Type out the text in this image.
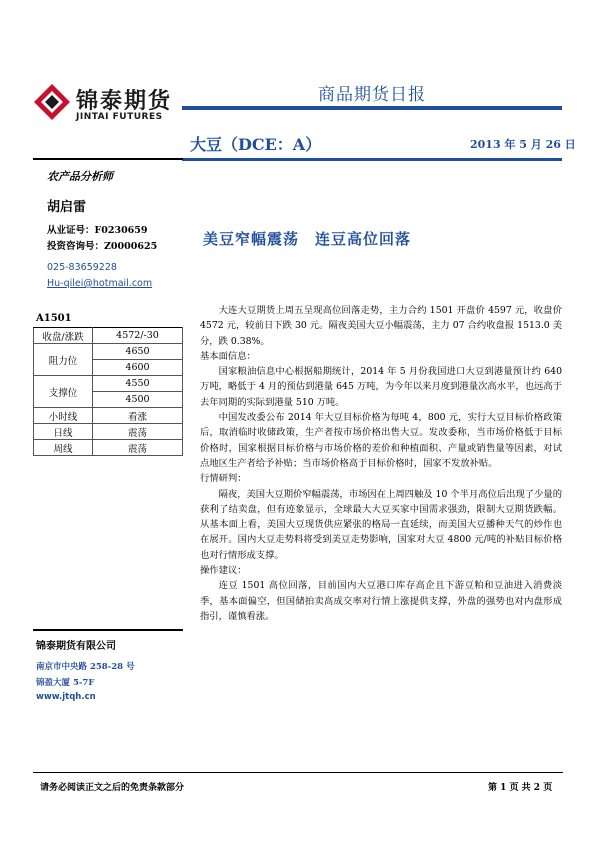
锦泰期货
JINTAI FUTURES
商品期货日报
大豆（DCE：A）	2013 年 5 月 26 日
农产品分析师
胡启雷
从业证号：F0230659
投资咨询号：Z0000625
025-83659228
Hu-qilei@hotmail.com
A1501
收盘/涨跌	4572/-30
阻力位	4650
	4600
支撑位	4550
	4500
小时线	看涨
日线	震荡
周线	震荡
锦泰期货有限公司
南京市中央路 258-28 号
锦盈大厦 5-7F
www.jtqh.cn
美豆窄幅震荡　连豆高位回落

大连大豆期货上周五呈现高位回落走势，主力合约 1501 开盘价 4597 元，收盘价 4572 元，较前日下跌 30 元。隔夜美国大豆小幅震荡，主力 07 合约收盘报 1513.0 美分，跌 0.38%。

基本面信息：

国家粮油信息中心根据船期统计，2014 年 5 月份我国进口大豆到港量预计约 640 万吨，略低于 4 月的预估到港量 645 万吨，为今年以来月度到港量次高水平，也远高于去年同期的实际到港量 510 万吨。

中国发改委公布 2014 年大豆目标价格为每吨 4，800 元，实行大豆目标价格政策后，取消临时收储政策，生产者按市场价格出售大豆。发改委称，当市场价格低于目标价格时，国家根据目标价格与市场价格的差价和种植面积、产量或销售量等因素，对试点地区生产者给予补贴；当市场价格高于目标价格时，国家不发放补贴。

行情研判：

隔夜，美国大豆期价窄幅震荡，市场因在上周四触及 10 个半月高位后出现了少量的获利了结卖盘，但有迹象显示，全球最大大豆买家中国需求强劲，限制大豆期货跌幅。从基本面上看，美国大豆现货供应紧张的格局一直延续，而美国大豆播种天气的炒作也在展开。国内大豆走势料将受到美豆走势影响，国家对大豆 4800 元/吨的补贴目标价格也对行情形成支撑。

操作建议：

连豆 1501 高位回落，目前国内大豆港口库存高企且下游豆粕和豆油进入消费淡季，基本面偏空，但国储拍卖高成交率对行情上涨提供支撑，外盘的强势也对内盘形成指引，谨慎看涨。

请务必阅读正文之后的免责条款部分	第 1 页 共 2 页
